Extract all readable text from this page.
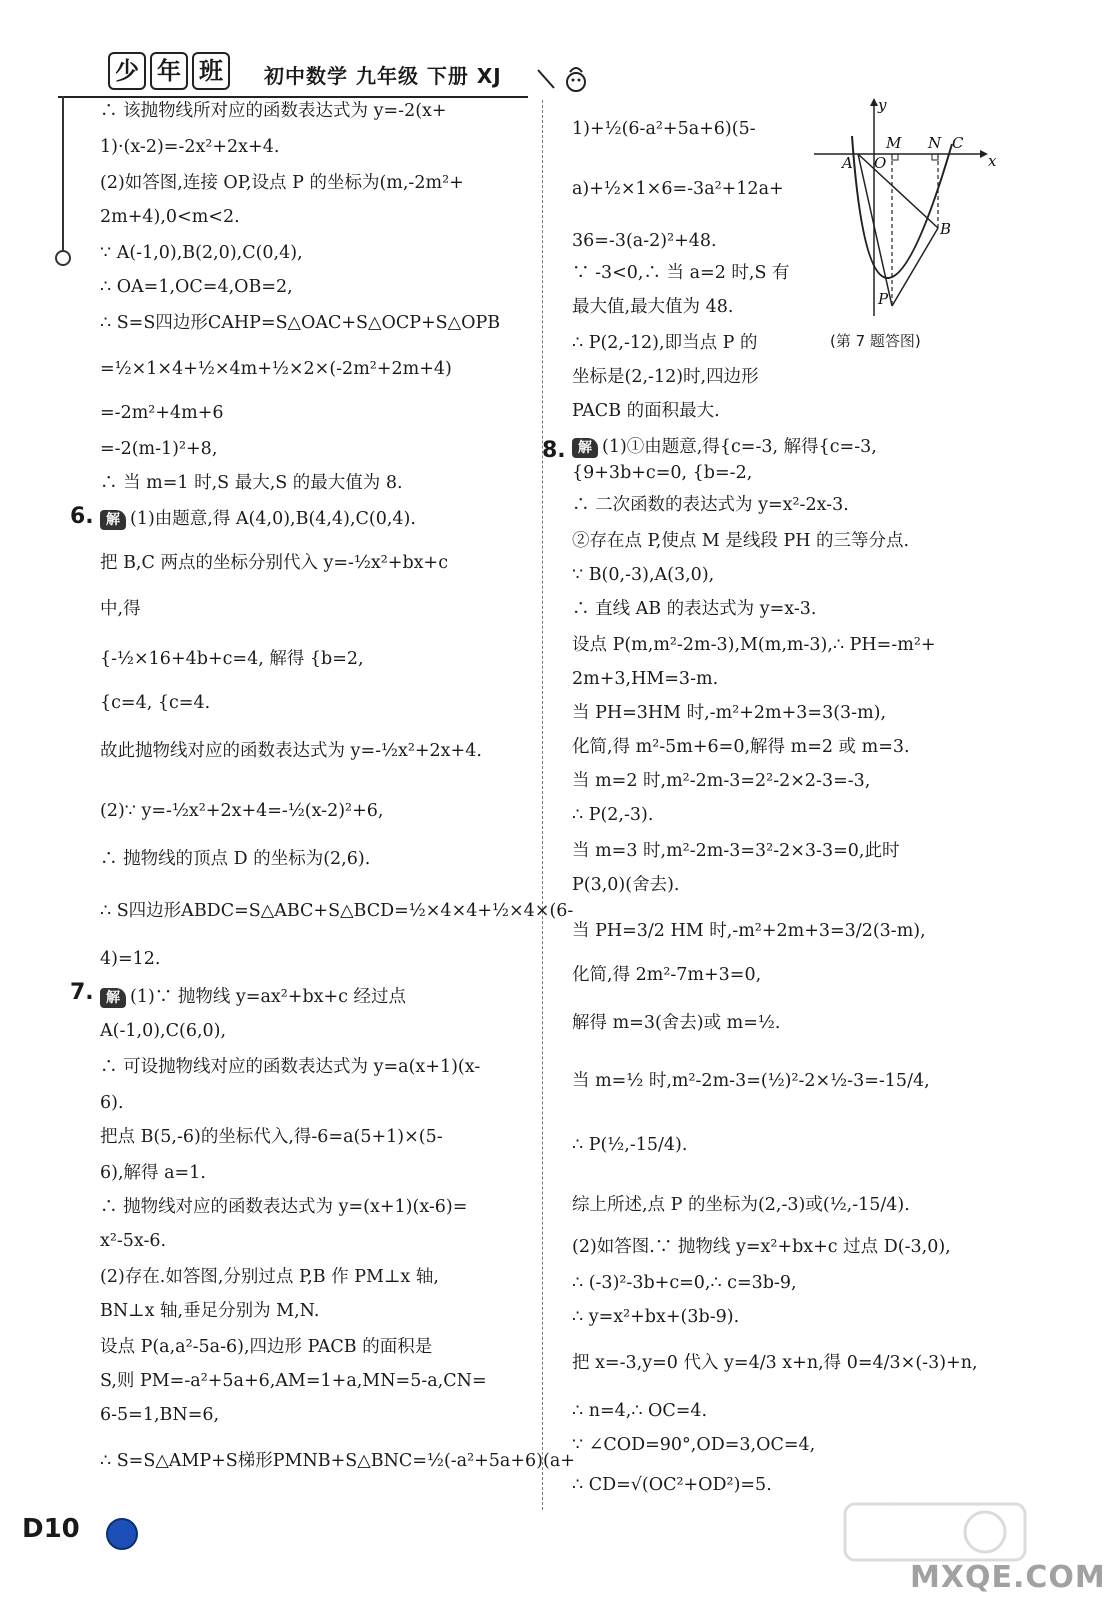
少 年 班	初中数学 九年级 下册 XJ
∴ 该抛物线所对应的函数表达式为 y=-2(x+
1)·(x-2)=-2x²+2x+4.
(2)如答图,连接 OP,设点 P 的坐标为(m,-2m²+
2m+4),0<m<2.
∵ A(-1,0),B(2,0),C(0,4),
∴ OA=1,OC=4,OB=2,
∴ S=S四边形CAHP=S△OAC+S△OCP+S△OPB
=½×1×4+½×4m+½×2×(-2m²+2m+4)
=-2m²+4m+6
=-2(m-1)²+8,
∴ 当 m=1 时,S 最大,S 的最大值为 8.
6. 解 (1)由题意,得 A(4,0),B(4,4),C(0,4).
把 B,C 两点的坐标分别代入 y=-½x²+bx+c
中,得
{-½×16+4b+c=4, 解得 {b=2,
{c=4, {c=4.
故此抛物线对应的函数表达式为 y=-½x²+2x+4.
(2)∵ y=-½x²+2x+4=-½(x-2)²+6,
∴ 抛物线的顶点 D 的坐标为(2,6).
∴ S四边形ABDC=S△ABC+S△BCD=½×4×4+½×4×(6-
4)=12.
7. 解 (1)∵ 抛物线 y=ax²+bx+c 经过点
A(-1,0),C(6,0),
∴ 可设抛物线对应的函数表达式为 y=a(x+1)(x-
6).
把点 B(5,-6)的坐标代入,得-6=a(5+1)×(5-
6),解得 a=1.
∴ 抛物线对应的函数表达式为 y=(x+1)(x-6)=
x²-5x-6.
(2)存在.如答图,分别过点 P,B 作 PM⊥x 轴,
BN⊥x 轴,垂足分别为 M,N.
设点 P(a,a²-5a-6),四边形 PACB 的面积是
S,则 PM=-a²+5a+6,AM=1+a,MN=5-a,CN=
6-5=1,BN=6,
∴ S=S△AMP+S梯形PMNB+S△BNC=½(-a²+5a+6)(a+
1)+½(6-a²+5a+6)(5-
a)+½×1×6=-3a²+12a+
36=-3(a-2)²+48.
∵ -3<0,∴ 当 a=2 时,S 有
最大值,最大值为 48.
∴ P(2,-12),即当点 P 的
坐标是(2,-12)时,四边形
PACB 的面积最大.
8. 解 (1)①由题意,得{c=-3, 解得{c=-3,
{9+3b+c=0, {b=-2,
∴ 二次函数的表达式为 y=x²-2x-3.
②存在点 P,使点 M 是线段 PH 的三等分点.
∵ B(0,-3),A(3,0),
∴ 直线 AB 的表达式为 y=x-3.
设点 P(m,m²-2m-3),M(m,m-3),∴ PH=-m²+
2m+3,HM=3-m.
当 PH=3HM 时,-m²+2m+3=3(3-m),
化简,得 m²-5m+6=0,解得 m=2 或 m=3.
当 m=2 时,m²-2m-3=2²-2×2-3=-3,
∴ P(2,-3).
当 m=3 时,m²-2m-3=3²-2×3-3=0,此时
P(3,0)(舍去).
当 PH=3/2 HM 时,-m²+2m+3=3/2(3-m),
化简,得 2m²-7m+3=0,
解得 m=3(舍去)或 m=½.
当 m=½ 时,m²-2m-3=(½)²-2×½-3=-15/4,
∴ P(½,-15/4).
综上所述,点 P 的坐标为(2,-3)或(½,-15/4).
(2)如答图.∵ 抛物线 y=x²+bx+c 过点 D(-3,0),
∴ (-3)²-3b+c=0,∴ c=3b-9,
∴ y=x²+bx+(3b-9).
把 x=-3,y=0 代入 y=4/3 x+n,得 0=4/3×(-3)+n,
∴ n=4,∴ OC=4.
∵ ∠COD=90°,OD=3,OC=4,
∴ CD=√(OC²+OD²)=5.
y
x
M N C
A O
B
P
(第 7 题答图)
D10
MXQE.COM
